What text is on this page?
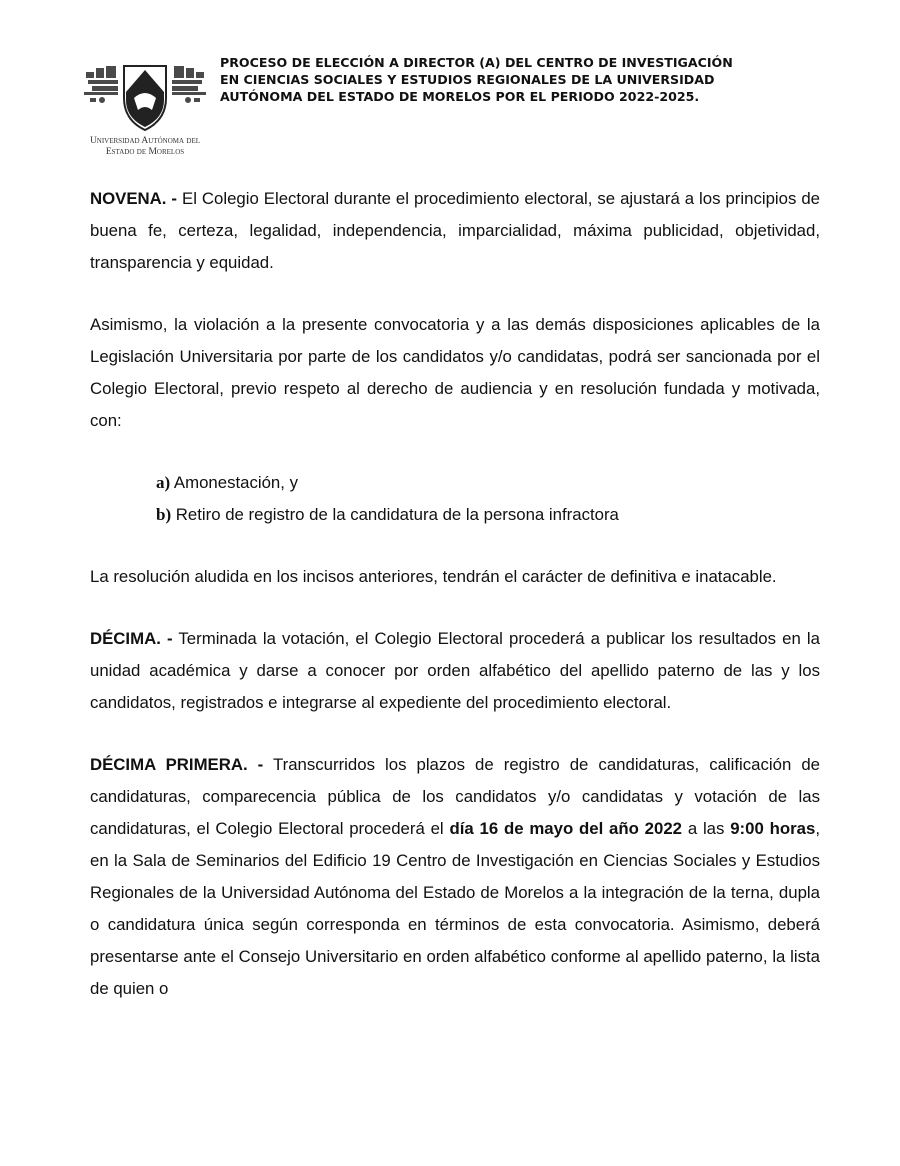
Universidad Autónoma del
Estado de Morelos
PROCESO DE ELECCIÓN A DIRECTOR (A) DEL CENTRO DE INVESTIGACIÓN
EN CIENCIAS SOCIALES Y ESTUDIOS REGIONALES DE LA UNIVERSIDAD
AUTÓNOMA DEL ESTADO DE MORELOS POR EL PERIODO 2022-2025.

NOVENA. - El Colegio Electoral durante el procedimiento electoral, se ajustará a los principios de buena fe, certeza, legalidad, independencia, imparcialidad, máxima publicidad, objetividad, transparencia y equidad.

Asimismo, la violación a la presente convocatoria y a las demás disposiciones aplicables de la Legislación Universitaria por parte de los candidatos y/o candidatas, podrá ser sancionada por el Colegio Electoral, previo respeto al derecho de audiencia y en resolución fundada y motivada, con:

a) Amonestación, y
b) Retiro de registro de la candidatura de la persona infractora

La resolución aludida en los incisos anteriores, tendrán el carácter de definitiva e inatacable.

DÉCIMA. - Terminada la votación, el Colegio Electoral procederá a publicar los resultados en la unidad académica y darse a conocer por orden alfabético del apellido paterno de las y los candidatos, registrados e integrarse al expediente del procedimiento electoral.

DÉCIMA PRIMERA. - Transcurridos los plazos de registro de candidaturas, calificación de candidaturas, comparecencia pública de los candidatos y/o candidatas y votación de las candidaturas, el Colegio Electoral procederá el día 16 de mayo del año 2022 a las 9:00 horas, en la Sala de Seminarios del Edificio 19 Centro de Investigación en Ciencias Sociales y Estudios Regionales de la Universidad Autónoma del Estado de Morelos a la integración de la terna, dupla o candidatura única según corresponda en términos de esta convocatoria. Asimismo, deberá presentarse ante el Consejo Universitario en orden alfabético conforme al apellido paterno, la lista de quien o
